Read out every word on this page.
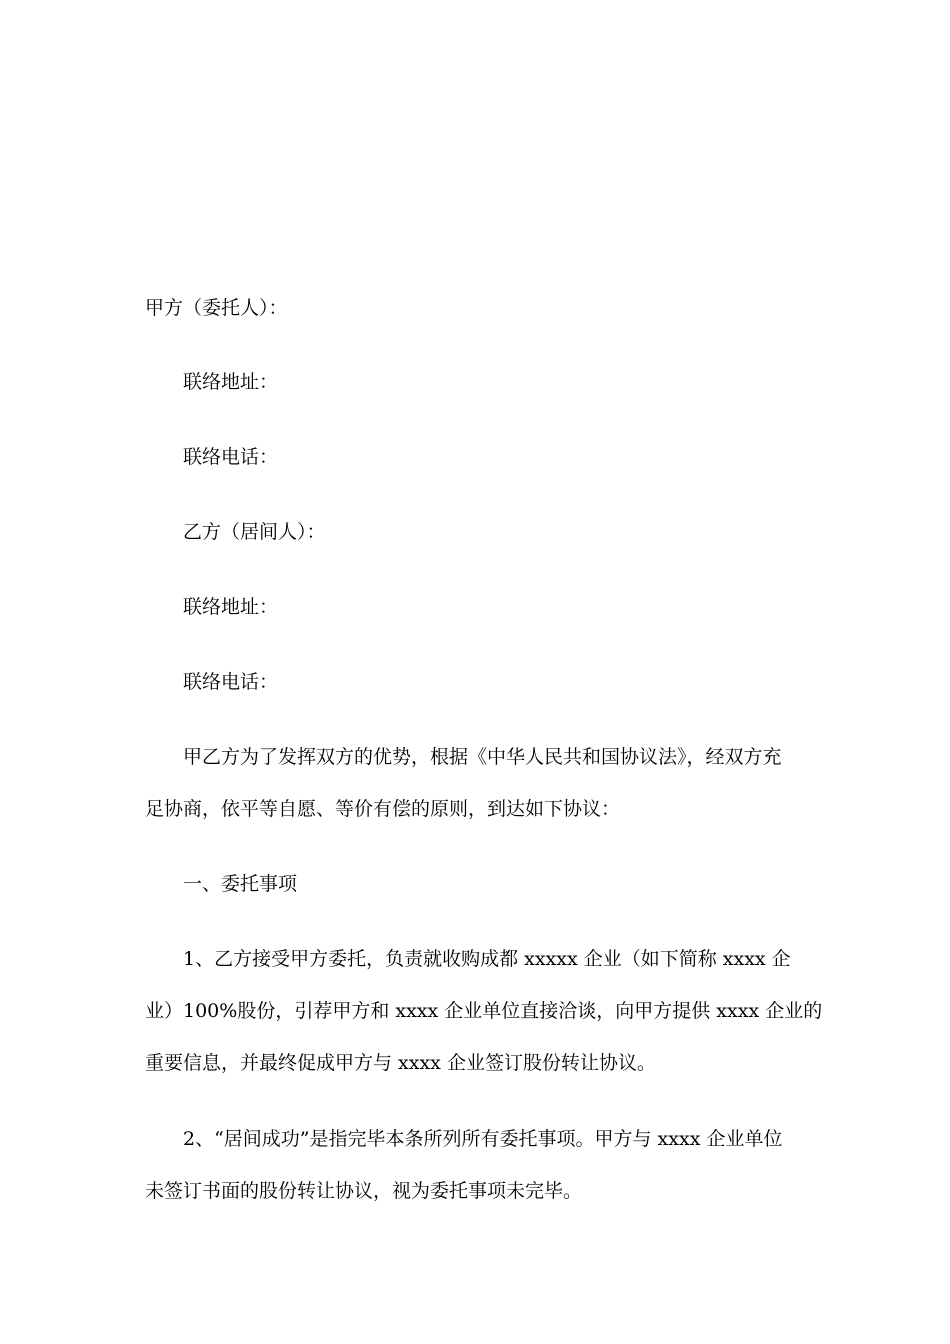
甲方（委托人）：
联络地址：
联络电话：
乙方（居间人）：
联络地址：
联络电话：
甲乙方为了发挥双方的优势，根据《中华人民共和国协议法》，经双方充
足协商，依平等自愿、等价有偿的原则，到达如下协议：
一、委托事项
1、乙方接受甲方委托，负责就收购成都 xxxxx 企业（如下简称 xxxx 企
业）100%股份，引荐甲方和 xxxx 企业单位直接洽谈，向甲方提供 xxxx 企业的
重要信息，并最终促成甲方与 xxxx 企业签订股份转让协议。
2、“居间成功”是指完毕本条所列所有委托事项。甲方与 xxxx 企业单位
未签订书面的股份转让协议，视为委托事项未完毕。
